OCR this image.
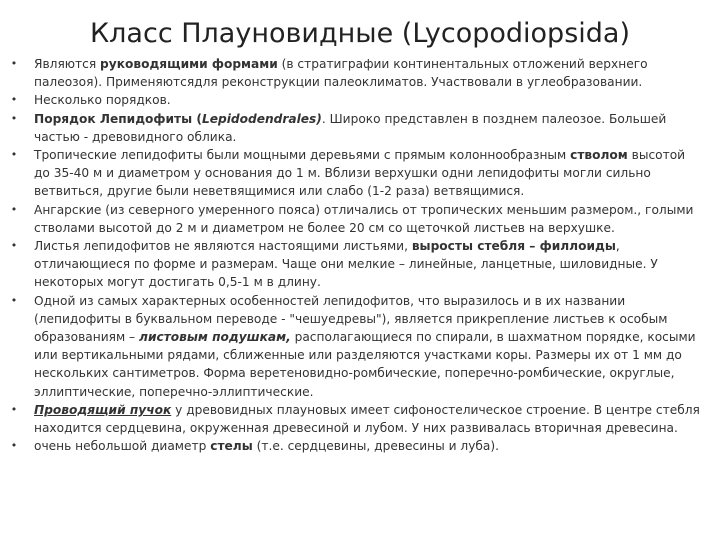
Класс Плауновидные (Lycopodiopsida)
• Являются руководящими формами (в стратиграфии континентальных отложений верхнего палеозоя). Применяютсядля реконструкции палеоклиматов. Участвовали в углеобразовании.
• Несколько порядков.
• Порядок Лепидофиты (Lepidodendrales). Широко представлен в позднем палеозое. Большей частью - древовидного облика.
• Тропические лепидофиты были мощными деревьями с прямым колоннообразным стволом высотой до 35-40 м и диаметром у основания до 1 м. Вблизи верхушки одни лепидофиты могли сильно ветвиться, другие были неветвящимися или слабо (1-2 раза) ветвящимися.
• Ангарские (из северного умеренного пояса) отличались от тропических меньшим размером., голыми стволами высотой до 2 м и диаметром не более 20 см со щеточкой листьев на верхушке.
• Листья лепидофитов не являются настоящими листьями, выросты стебля – филлоиды, отличающиеся по форме и размерам. Чаще они мелкие – линейные, ланцетные, шиловидные. У некоторых могут достигать 0,5-1 м в длину.
• Одной из самых характерных особенностей лепидофитов, что выразилось и в их названии (лепидофиты в буквальном переводе - "чешуедревы"), является прикрепление листьев к особым образованиям – листовым подушкам, располагающиеся по спирали, в шахматном порядке, косыми или вертикальными рядами, сближенные или разделяются участками коры. Размеры их от 1 мм до нескольких сантиметров. Форма веретеновидно-ромбические, поперечно-ромбические, округлые, эллиптические, поперечно-эллиптические.
• Проводящий пучок у древовидных плауновых имеет сифоностелическое строение. В центре стебля находится сердцевина, окруженная древесиной и лубом. У них развивалась вторичная древесина.
• очень небольшой диаметр стелы (т.е. сердцевины, древесины и луба).
